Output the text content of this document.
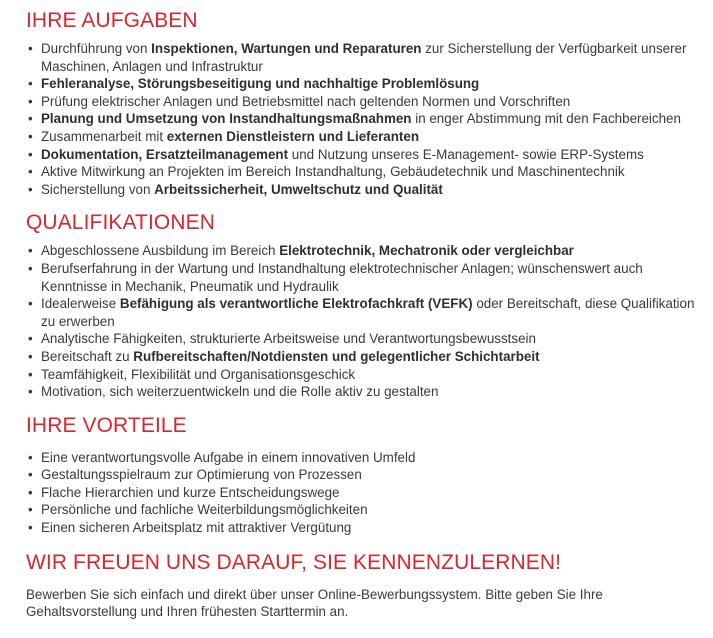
IHRE AUFGABEN
• Durchführung von Inspektionen, Wartungen und Reparaturen zur Sicherstellung der Verfügbarkeit unserer Maschinen, Anlagen und Infrastruktur
• Fehleranalyse, Störungsbeseitigung und nachhaltige Problemlösung
• Prüfung elektrischer Anlagen und Betriebsmittel nach geltenden Normen und Vorschriften
• Planung und Umsetzung von Instandhaltungsmaßnahmen in enger Abstimmung mit den Fachbereichen
• Zusammenarbeit mit externen Dienstleistern und Lieferanten
• Dokumentation, Ersatzteilmanagement und Nutzung unseres E-Management- sowie ERP-Systems
• Aktive Mitwirkung an Projekten im Bereich Instandhaltung, Gebäudetechnik und Maschinentechnik
• Sicherstellung von Arbeitssicherheit, Umweltschutz und Qualität
QUALIFIKATIONEN
• Abgeschlossene Ausbildung im Bereich Elektrotechnik, Mechatronik oder vergleichbar
• Berufserfahrung in der Wartung und Instandhaltung elektrotechnischer Anlagen; wünschenswert auch Kenntnisse in Mechanik, Pneumatik und Hydraulik
• Idealerweise Befähigung als verantwortliche Elektrofachkraft (VEFK) oder Bereitschaft, diese Qualifikation zu erwerben
• Analytische Fähigkeiten, strukturierte Arbeitsweise und Verantwortungsbewusstsein
• Bereitschaft zu Rufbereitschaften/Notdiensten und gelegentlicher Schichtarbeit
• Teamfähigkeit, Flexibilität und Organisationsgeschick
• Motivation, sich weiterzuentwickeln und die Rolle aktiv zu gestalten
IHRE VORTEILE
• Eine verantwortungsvolle Aufgabe in einem innovativen Umfeld
• Gestaltungsspielraum zur Optimierung von Prozessen
• Flache Hierarchien und kurze Entscheidungswege
• Persönliche und fachliche Weiterbildungsmöglichkeiten
• Einen sicheren Arbeitsplatz mit attraktiver Vergütung
WIR FREUEN UNS DARAUF, SIE KENNENZULERNEN!

Bewerben Sie sich einfach und direkt über unser Online-Bewerbungssystem. Bitte geben Sie Ihre Gehaltsvorstellung und Ihren frühesten Starttermin an.
